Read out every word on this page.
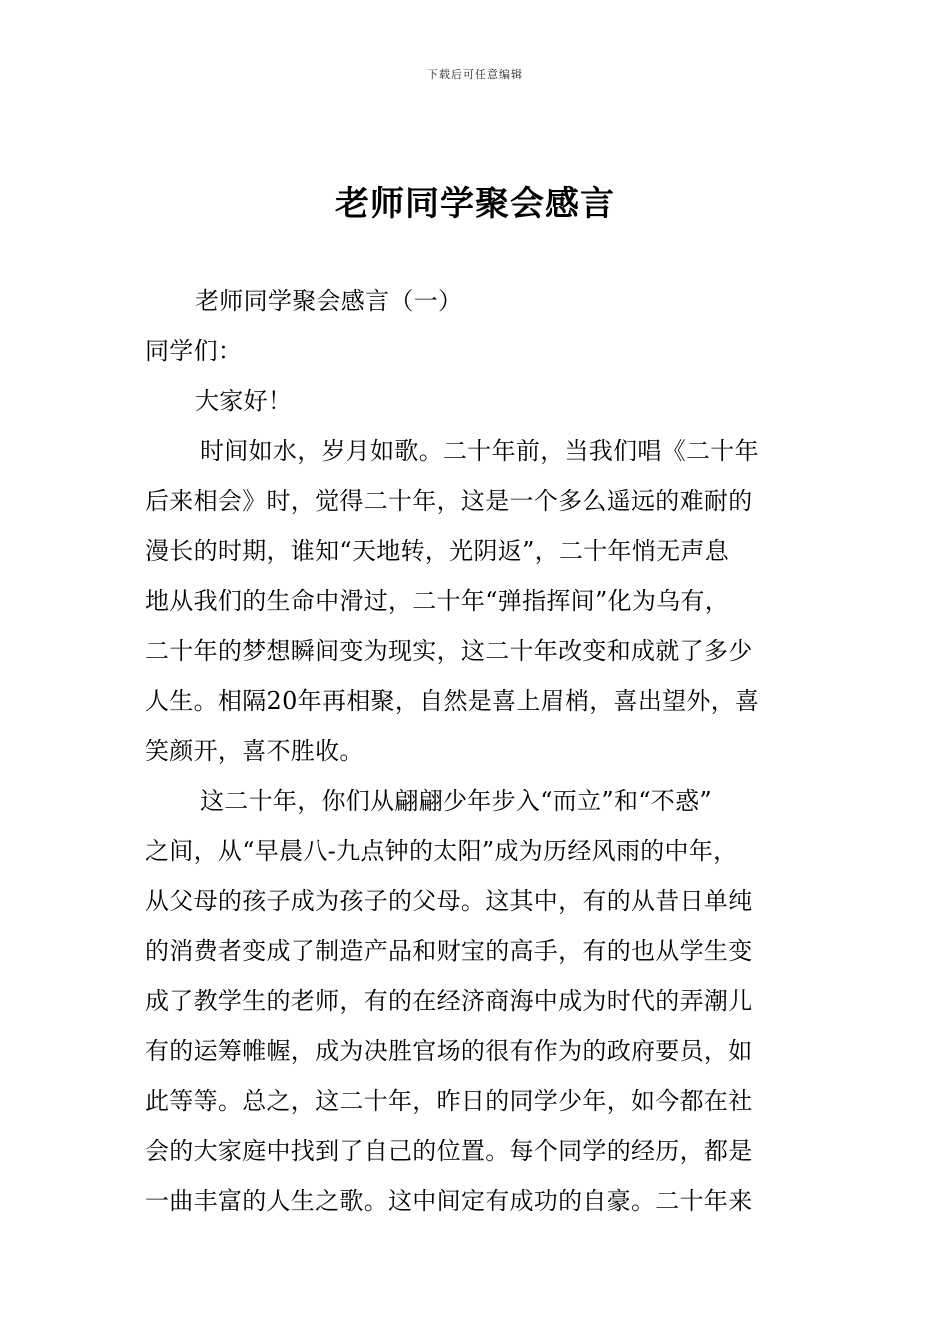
下载后可任意编辑
老师同学聚会感言
老师同学聚会感言（一）
同学们：
大家好！
时间如水，岁月如歌。二十年前，当我们唱《二十年
后来相会》时，觉得二十年，这是一个多么遥远的难耐的
漫长的时期，谁知“天地转，光阴返”，二十年悄无声息
地从我们的生命中滑过，二十年“弹指挥间”化为乌有，
二十年的梦想瞬间变为现实，这二十年改变和成就了多少
人生。相隔20年再相聚，自然是喜上眉梢，喜出望外，喜
笑颜开，喜不胜收。
这二十年，你们从翩翩少年步入“而立”和“不惑”
之间，从“早晨八-九点钟的太阳”成为历经风雨的中年，
从父母的孩子成为孩子的父母。这其中，有的从昔日单纯
的消费者变成了制造产品和财宝的高手，有的也从学生变
成了教学生的老师，有的在经济商海中成为时代的弄潮儿
有的运筹帷幄，成为决胜官场的很有作为的政府要员，如
此等等。总之，这二十年，昨日的同学少年，如今都在社
会的大家庭中找到了自己的位置。每个同学的经历，都是
一曲丰富的人生之歌。这中间定有成功的自豪。二十年来
